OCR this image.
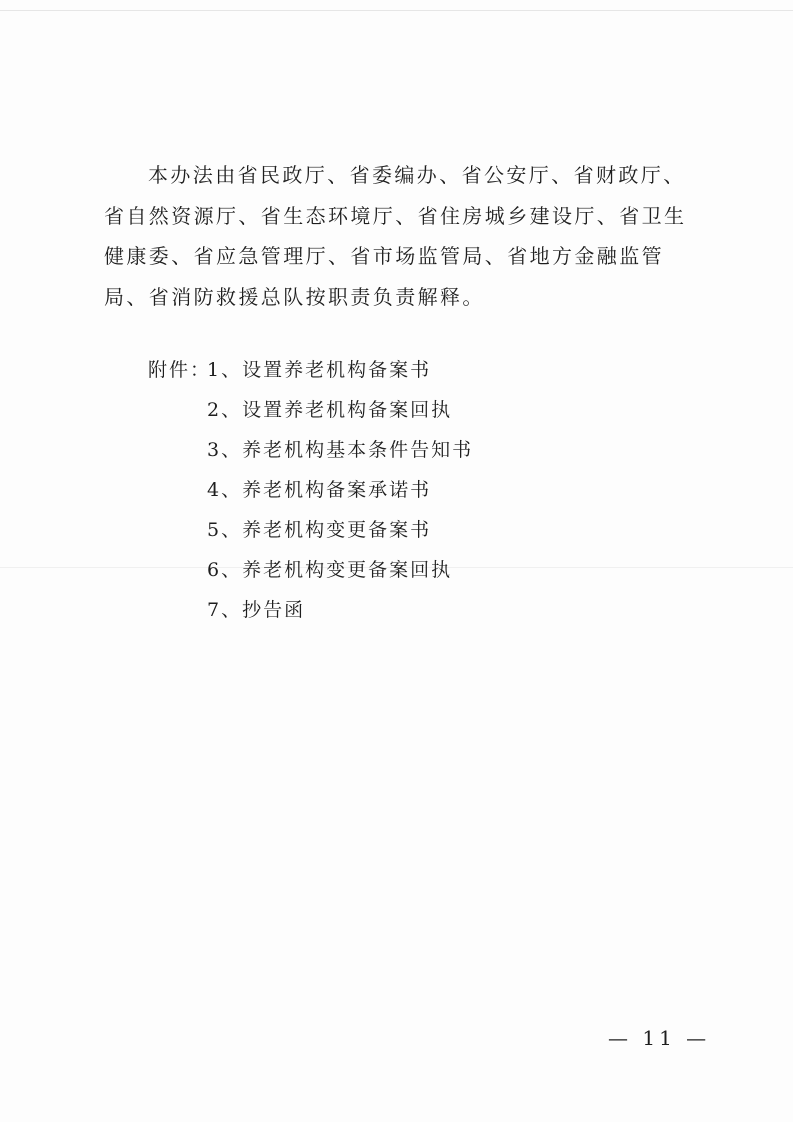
本办法由省民政厅、省委编办、省公安厅、省财政厅、省自然资源厅、省生态环境厅、省住房城乡建设厅、省卫生健康委、省应急管理厅、省市场监管局、省地方金融监管局、省消防救援总队按职责负责解释。

附件：
1、设置养老机构备案书
2、设置养老机构备案回执
3、养老机构基本条件告知书
4、养老机构备案承诺书
5、养老机构变更备案书
6、养老机构变更备案回执
7、抄告函
— 11 —
